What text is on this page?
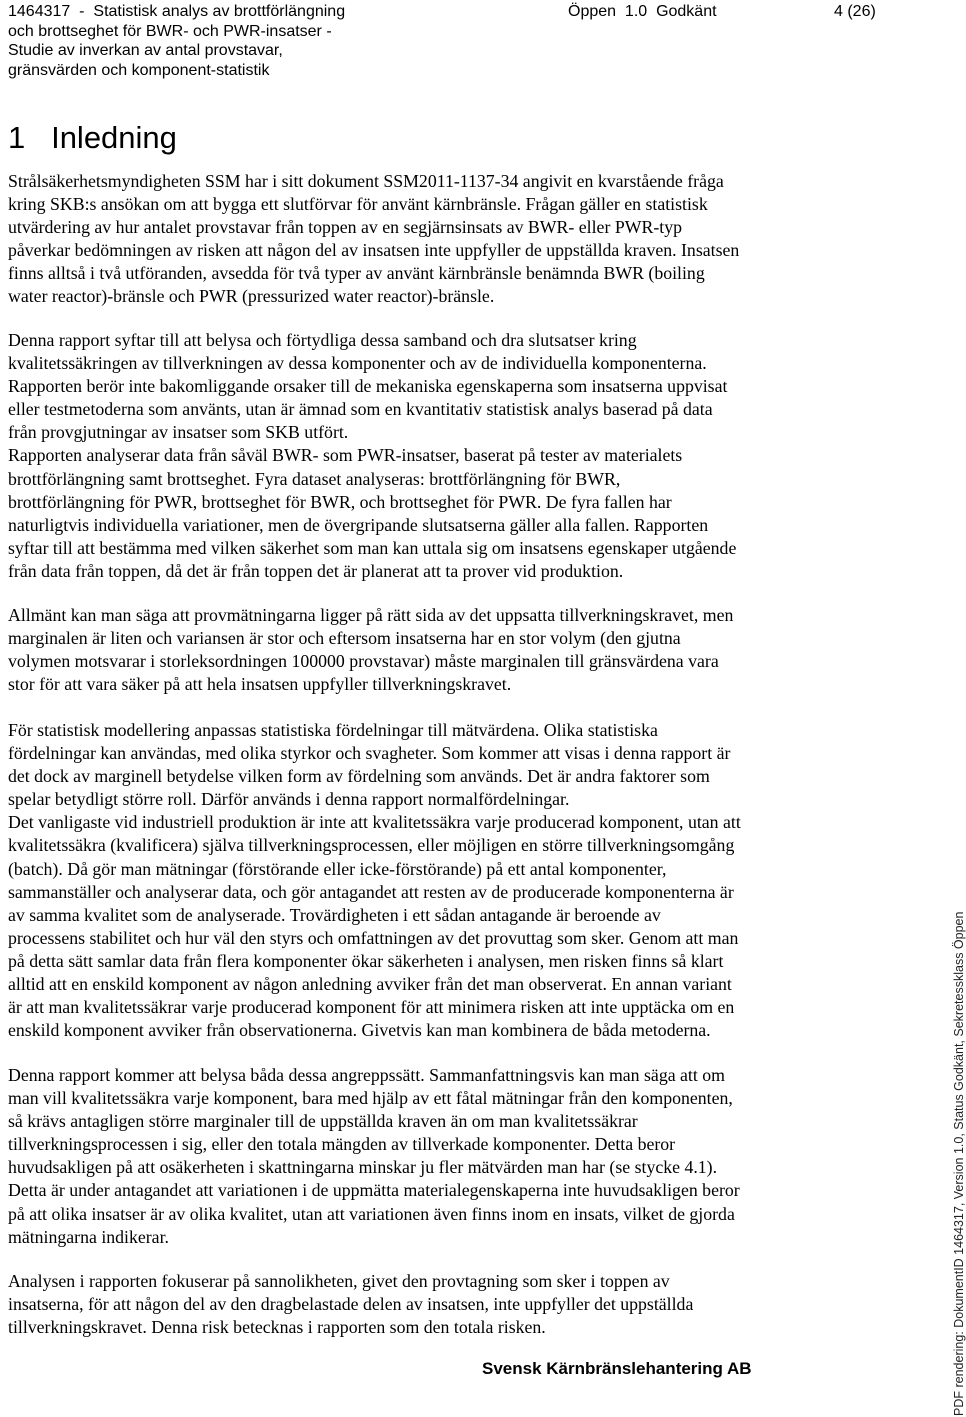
1464317  -  Statistisk analys av brottförlängning
och brottseghet för BWR- och PWR-insatser -
Studie av inverkan av antal provstavar,
gränsvärden och komponent-statistik
Öppen  1.0  Godkänt	4 (26)
1   Inledning
Strålsäkerhetsmyndigheten SSM har i sitt dokument SSM2011-1137-34 angivit en kvarstående fråga
kring SKB:s ansökan om att bygga ett slutförvar för använt kärnbränsle. Frågan gäller en statistisk
utvärdering av hur antalet provstavar från toppen av en segjärnsinsats av BWR- eller PWR-typ
påverkar bedömningen av risken att någon del av insatsen inte uppfyller de uppställda kraven. Insatsen
finns alltså i två utföranden, avsedda för två typer av använt kärnbränsle benämnda BWR (boiling
water reactor)-bränsle och PWR (pressurized water reactor)-bränsle.
Denna rapport syftar till att belysa och förtydliga dessa samband och dra slutsatser kring
kvalitetssäkringen av tillverkningen av dessa komponenter och av de individuella komponenterna.
Rapporten berör inte bakomliggande orsaker till de mekaniska egenskaperna som insatserna uppvisat
eller testmetoderna som använts, utan är ämnad som en kvantitativ statistisk analys baserad på data
från provgjutningar av insatser som SKB utfört.
Rapporten analyserar data från såväl BWR- som PWR-insatser, baserat på tester av materialets
brottförlängning samt brottseghet. Fyra dataset analyseras: brottförlängning för BWR,
brottförlängning för PWR, brottseghet för BWR, och brottseghet för PWR. De fyra fallen har
naturligtvis individuella variationer, men de övergripande slutsatserna gäller alla fallen. Rapporten
syftar till att bestämma med vilken säkerhet som man kan uttala sig om insatsens egenskaper utgående
från data från toppen, då det är från toppen det är planerat att ta prover vid produktion.
Allmänt kan man säga att provmätningarna ligger på rätt sida av det uppsatta tillverkningskravet, men
marginalen är liten och variansen är stor och eftersom insatserna har en stor volym (den gjutna
volymen motsvarar i storleksordningen 100000 provstavar) måste marginalen till gränsvärdena vara
stor för att vara säker på att hela insatsen uppfyller tillverkningskravet.
För statistisk modellering anpassas statistiska fördelningar till mätvärdena. Olika statistiska
fördelningar kan användas, med olika styrkor och svagheter. Som kommer att visas i denna rapport är
det dock av marginell betydelse vilken form av fördelning som används. Det är andra faktorer som
spelar betydligt större roll. Därför används i denna rapport normalfördelningar.
Det vanligaste vid industriell produktion är inte att kvalitetssäkra varje producerad komponent, utan att
kvalitetssäkra (kvalificera) själva tillverkningsprocessen, eller möjligen en större tillverkningsomgång
(batch). Då gör man mätningar (förstörande eller icke-förstörande) på ett antal komponenter,
sammanställer och analyserar data, och gör antagandet att resten av de producerade komponenterna är
av samma kvalitet som de analyserade. Trovärdigheten i ett sådan antagande är beroende av
processens stabilitet och hur väl den styrs och omfattningen av det provuttag som sker. Genom att man
på detta sätt samlar data från flera komponenter ökar säkerheten i analysen, men risken finns så klart
alltid att en enskild komponent av någon anledning avviker från det man observerat. En annan variant
är att man kvalitetssäkrar varje producerad komponent för att minimera risken att inte upptäcka om en
enskild komponent avviker från observationerna. Givetvis kan man kombinera de båda metoderna.
Denna rapport kommer att belysa båda dessa angreppssätt. Sammanfattningsvis kan man säga att om
man vill kvalitetssäkra varje komponent, bara med hjälp av ett fåtal mätningar från den komponenten,
så krävs antagligen större marginaler till de uppställda kraven än om man kvalitetssäkrar
tillverkningsprocessen i sig, eller den totala mängden av tillverkade komponenter. Detta beror
huvudsakligen på att osäkerheten i skattningarna minskar ju fler mätvärden man har (se stycke 4.1).
Detta är under antagandet att variationen i de uppmätta materialegenskaperna inte huvudsakligen beror
på att olika insatser är av olika kvalitet, utan att variationen även finns inom en insats, vilket de gjorda
mätningarna indikerar.
Analysen i rapporten fokuserar på sannolikheten, givet den provtagning som sker i toppen av
insatserna, för att någon del av den dragbelastade delen av insatsen, inte uppfyller det uppställda
tillverkningskravet. Denna risk betecknas i rapporten som den totala risken.
Svensk Kärnbränslehantering AB	PDF rendering: DokumentID 1464317, Version 1.0, Status Godkänt, Sekretessklass Öppen
